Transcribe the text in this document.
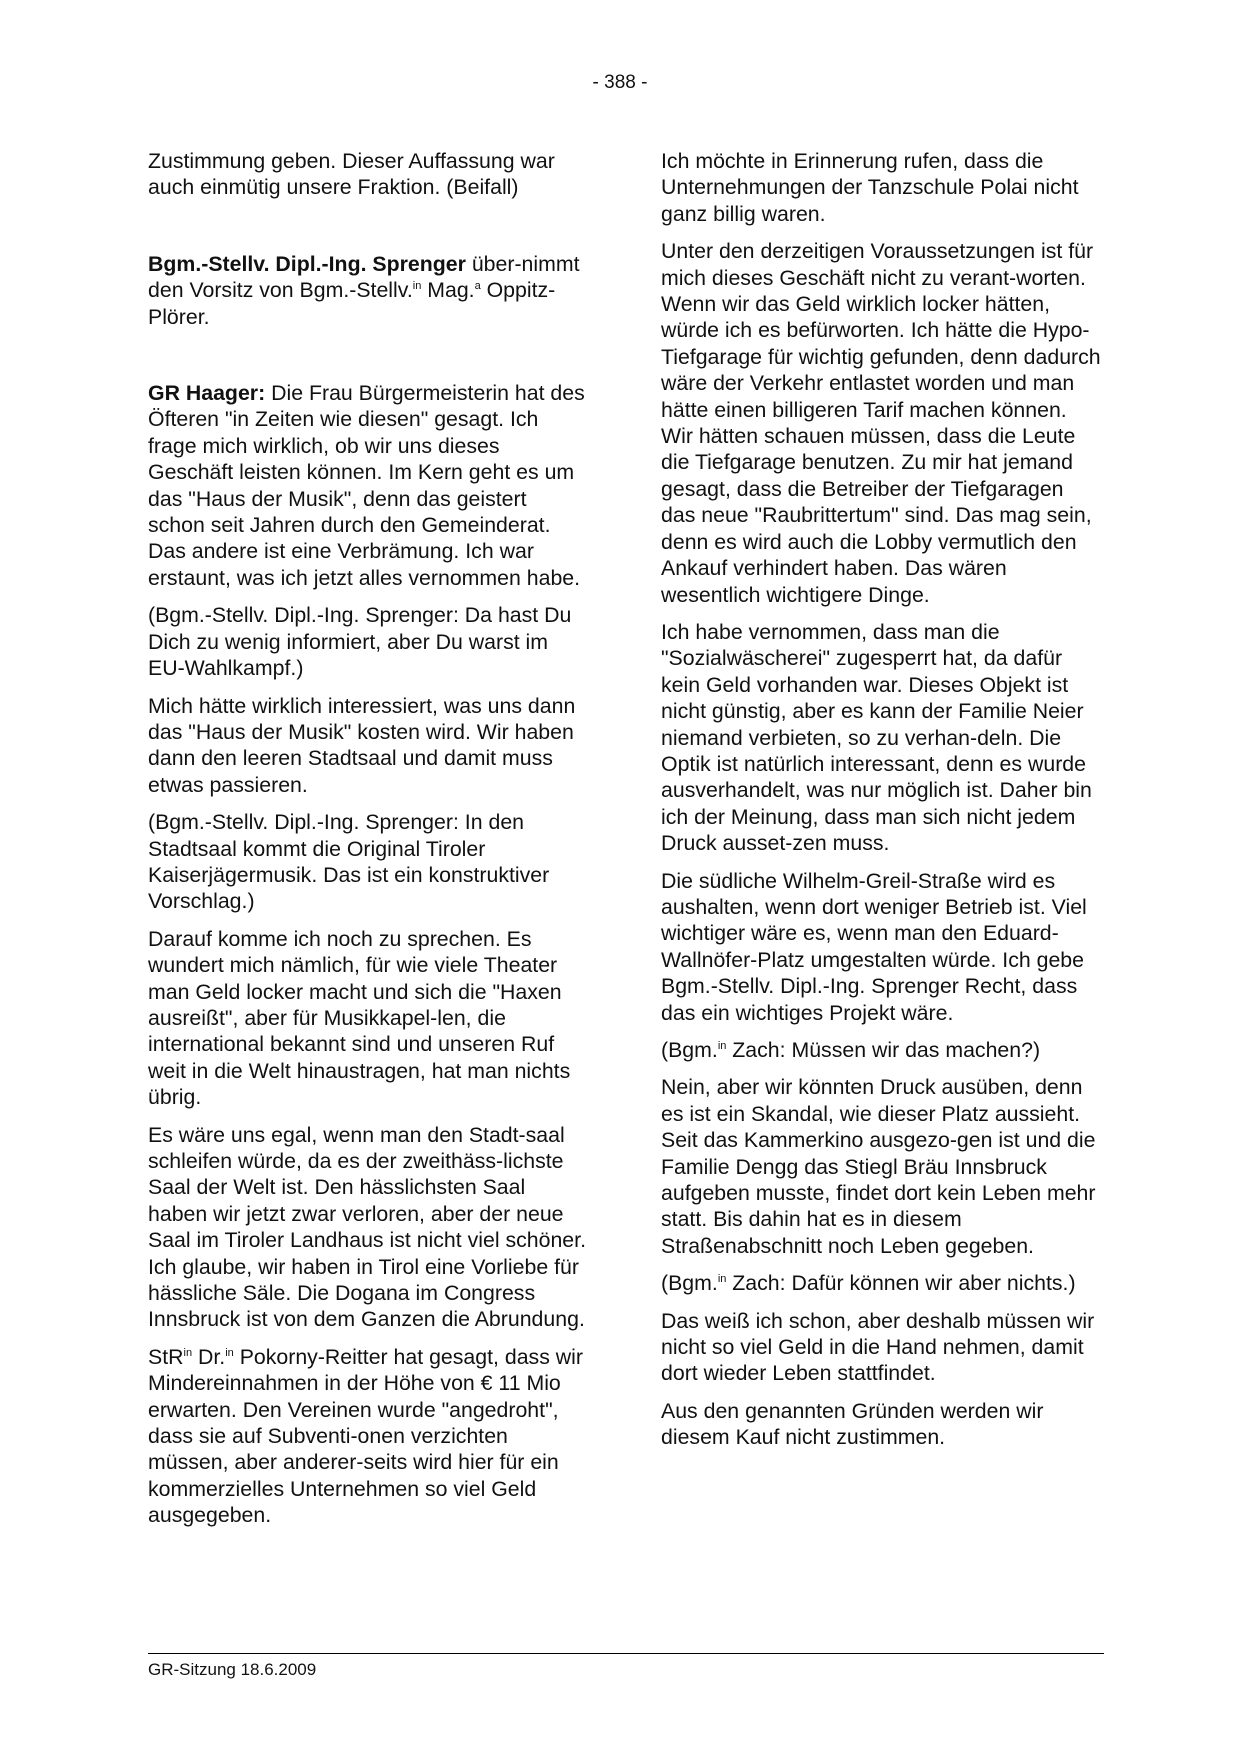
- 388 -

Zustimmung geben. Dieser Auffassung war auch einmütig unsere Fraktion. (Beifall)

Bgm.-Stellv. Dipl.-Ing. Sprenger über-nimmt den Vorsitz von Bgm.-Stellv.$^{in}$ Mag.$^a$ Oppitz-Plörer.

GR Haager: Die Frau Bürgermeisterin hat des Öfteren "in Zeiten wie diesen" gesagt. Ich frage mich wirklich, ob wir uns dieses Geschäft leisten können. Im Kern geht es um das "Haus der Musik", denn das geistert schon seit Jahren durch den Gemeinderat. Das andere ist eine Verbrämung. Ich war erstaunt, was ich jetzt alles vernommen habe.

(Bgm.-Stellv. Dipl.-Ing. Sprenger: Da hast Du Dich zu wenig informiert, aber Du warst im EU-Wahlkampf.)

Mich hätte wirklich interessiert, was uns dann das "Haus der Musik" kosten wird. Wir haben dann den leeren Stadtsaal und damit muss etwas passieren.

(Bgm.-Stellv. Dipl.-Ing. Sprenger: In den Stadtsaal kommt die Original Tiroler Kaiserjägermusik. Das ist ein konstruktiver Vorschlag.)

Darauf komme ich noch zu sprechen. Es wundert mich nämlich, für wie viele Theater man Geld locker macht und sich die "Haxen ausreißt", aber für Musikkapel-len, die international bekannt sind und unseren Ruf weit in die Welt hinaustragen, hat man nichts übrig.

Es wäre uns egal, wenn man den Stadt-saal schleifen würde, da es der zweithäss-lichste Saal der Welt ist. Den hässlichsten Saal haben wir jetzt zwar verloren, aber der neue Saal im Tiroler Landhaus ist nicht viel schöner. Ich glaube, wir haben in Tirol eine Vorliebe für hässliche Säle. Die Dogana im Congress Innsbruck ist von dem Ganzen die Abrundung.

StR$^{in}$ Dr.$^{in}$ Pokorny-Reitter hat gesagt, dass wir Mindereinnahmen in der Höhe von € 11 Mio erwarten. Den Vereinen wurde "angedroht", dass sie auf Subventi-onen verzichten müssen, aber anderer-seits wird hier für ein kommerzielles Unternehmen so viel Geld ausgegeben.

Ich möchte in Erinnerung rufen, dass die Unternehmungen der Tanzschule Polai nicht ganz billig waren.

Unter den derzeitigen Voraussetzungen ist für mich dieses Geschäft nicht zu verant-worten. Wenn wir das Geld wirklich locker hätten, würde ich es befürworten. Ich hätte die Hypo-Tiefgarage für wichtig gefunden, denn dadurch wäre der Verkehr entlastet worden und man hätte einen billigeren Tarif machen können. Wir hätten schauen müssen, dass die Leute die Tiefgarage benutzen. Zu mir hat jemand gesagt, dass die Betreiber der Tiefgaragen das neue "Raubrittertum" sind. Das mag sein, denn es wird auch die Lobby vermutlich den Ankauf verhindert haben. Das wären wesentlich wichtigere Dinge.

Ich habe vernommen, dass man die "Sozialwäscherei" zugesperrt hat, da dafür kein Geld vorhanden war. Dieses Objekt ist nicht günstig, aber es kann der Familie Neier niemand verbieten, so zu verhan-deln. Die Optik ist natürlich interessant, denn es wurde ausverhandelt, was nur möglich ist. Daher bin ich der Meinung, dass man sich nicht jedem Druck ausset-zen muss.

Die südliche Wilhelm-Greil-Straße wird es aushalten, wenn dort weniger Betrieb ist. Viel wichtiger wäre es, wenn man den Eduard-Wallnöfer-Platz umgestalten würde. Ich gebe Bgm.-Stellv. Dipl.-Ing. Sprenger Recht, dass das ein wichtiges Projekt wäre.

(Bgm.$^{in}$ Zach: Müssen wir das machen?)

Nein, aber wir könnten Druck ausüben, denn es ist ein Skandal, wie dieser Platz aussieht. Seit das Kammerkino ausgezo-gen ist und die Familie Dengg das Stiegl Bräu Innsbruck aufgeben musste, findet dort kein Leben mehr statt. Bis dahin hat es in diesem Straßenabschnitt noch Leben gegeben.

(Bgm.$^{in}$ Zach: Dafür können wir aber nichts.)

Das weiß ich schon, aber deshalb müssen wir nicht so viel Geld in die Hand nehmen, damit dort wieder Leben stattfindet.

Aus den genannten Gründen werden wir diesem Kauf nicht zustimmen.

GR-Sitzung 18.6.2009
